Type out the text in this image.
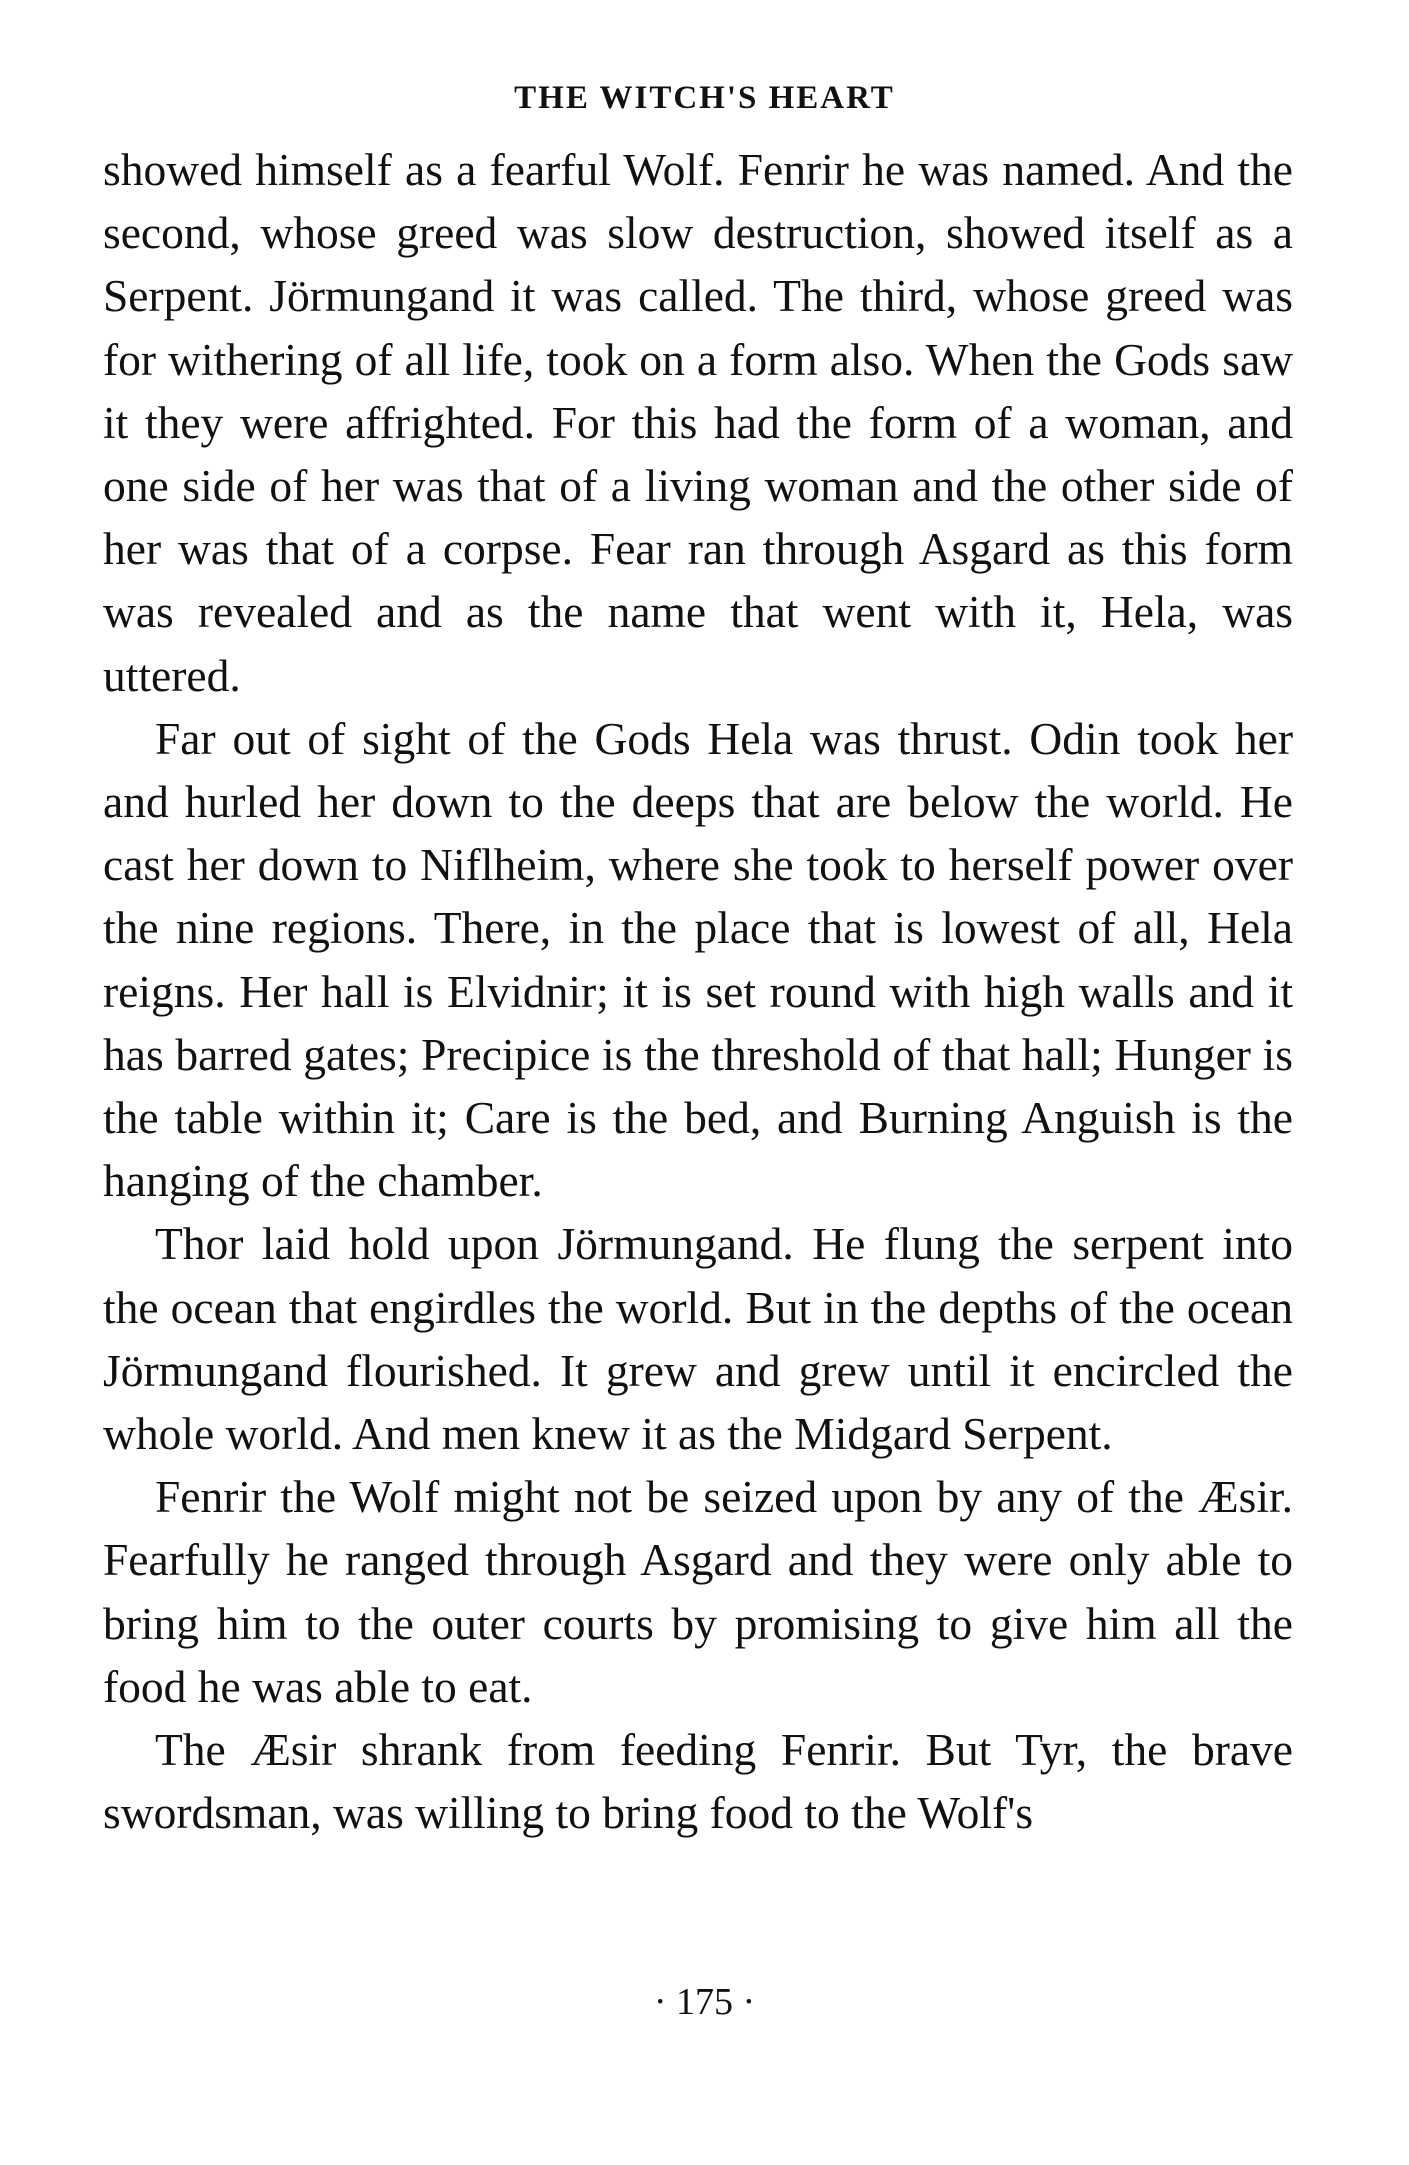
THE WITCH'S HEART

showed himself as a fearful Wolf. Fenrir he was named. And the second, whose greed was slow destruction, showed itself as a Serpent. Jörmungand it was called. The third, whose greed was for withering of all life, took on a form also. When the Gods saw it they were affrighted. For this had the form of a woman, and one side of her was that of a living woman and the other side of her was that of a corpse. Fear ran through Asgard as this form was revealed and as the name that went with it, Hela, was uttered.

Far out of sight of the Gods Hela was thrust. Odin took her and hurled her down to the deeps that are below the world. He cast her down to Niflheim, where she took to herself power over the nine regions. There, in the place that is lowest of all, Hela reigns. Her hall is Elvidnir; it is set round with high walls and it has barred gates; Precipice is the threshold of that hall; Hunger is the table within it; Care is the bed, and Burning Anguish is the hanging of the chamber.

Thor laid hold upon Jörmungand. He flung the serpent into the ocean that engirdles the world. But in the depths of the ocean Jörmungand flourished. It grew and grew until it encircled the whole world. And men knew it as the Midgard Serpent.

Fenrir the Wolf might not be seized upon by any of the Æsir. Fearfully he ranged through Asgard and they were only able to bring him to the outer courts by promising to give him all the food he was able to eat.

The Æsir shrank from feeding Fenrir. But Tyr, the brave swordsman, was willing to bring food to the Wolf's

· 175 ·
